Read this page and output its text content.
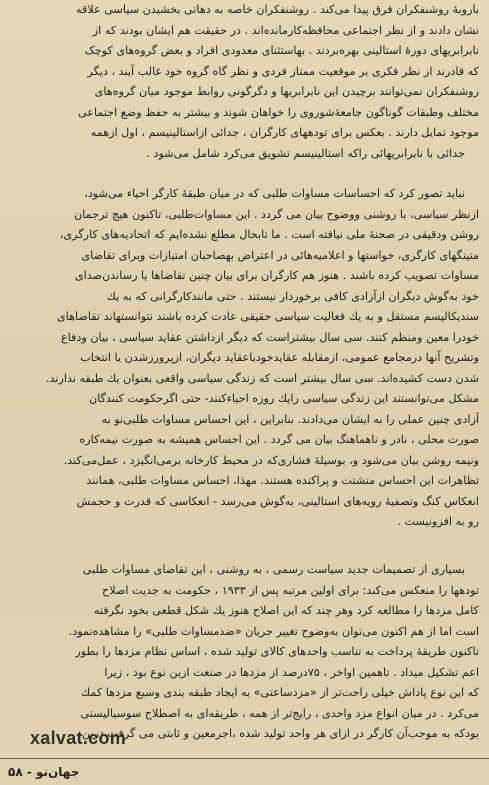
باروبۀ روشنفکران فرق پیدا می‌کند . روشنفکران خاصه به دهاتی بخشیدن سیاسی علاقه
نشان دادند و از نظر اجتماعی محافظه‌کارمانده‌اند . در حقیقت هم ایشان بودند که از
نابرابریهای دورۀ استالینی بهره‌بردند . بهاستثنای معدودی افراد و بعض گروه‌های کوچک
که قادرند از نظر فکری بر موقعیت ممتاز فردی و نظر گاه گروه خود غالب آیند ، دیگر
روشنفکران نمی‌توانند برچیدن این نابرابریها و دگرگونی روابط موجود میان گروه‌های
مختلف وطبقات گوناگون جامعۀشوروی را خواهان شوند و بیشتر به حفظ وضع اجتماعی
موجود تمایل دارند . بعکس برای تودههای کارگران ، جدائی ازاستالینیسم ، اول ازهمه
جدائی با نابرابریهائی راکه استالینیسم تشویق می‌کرد شامل می‌شود .
نباید تصور کرد که احساسات مساوات طلبی که در میان طبقۀ کارگر احیاء می‌شود،
ازنظر سیاسی، با روشنی ووضوح بیان می گردد . این مساوات‌طلبی، تاکنون هیچ ترجمان
روشن ودقیقی در صحنۀ ملی نیافته است . ما تابحال مطلع نشده‌ایم که اتحادیه‌های کارگری،
متینگهای کارگری، خواستها و اعلامیه‌هائی در اعتراض بهصاحبان امتیازات وبرای تقاضای
مساوات تصویب کرده باشند . هنوز هم کارگران برای بیان چنین تقاضاها یا رساندن‌صدای
خود به‌گوش دیگران ازآزادی کافی برخوردار نیستند . حتی مانندکارگرانی که به یك
سندیکالیسم مستقل و به یك فعالیت سیاسی حقیقی عادت کرده باشند نتوانستهاند تقاضاهای
خودرا معین ومنظم کنند. سی سال بیشتراست که دیگر ازداشتن عقاید سیاسی ، بیان ودفاع
وتشریح آنها درمجامع عمومی، ازمقابله عقایدخودباعقاید دیگران، ازپرورزشدن یا انتخاب
شدن دست کشیده‌اند. سی سال بیشتر است که زندگی سیاسی واقعی بعنوان یك طبقه ندارند.
مشکل می‌توانستند این زندگی سیاسی رایك روزه احیاءکنند- حتی اگرحکومت کنندگان
آزادی چنین عملی را به ایشان می‌دادند. بنابراین ، این احساس مساوات طلبی‌نو به
صورت محلی ، نادر و ناهماهنگ بیان می گردد . این احساس همیشه به صورت نیمه‌کاره
ونیمه روشن بیان می‌شود و، بوسیلۀ فشاری‌که در محیط کارخانه برمی‌انگیزد ، عمل‌می‌کند.
تظاهرات این احساس متشتت و پراکنده هستند. مهذا، احساس مساوات طلبی، همانند
انعکاس کنگ وتصفیۀ رویه‌های استالینی، به‌گوش می‌رسد - انعکاسی که قدرت و حجمش
رو به افزونیست .
بسیاری از تصمیمات جدید سیاست رسمی ، به روشنی ، این تقاضای مساوات طلبی
تودهها را منعکس می‌کند: برای اولین مرتبه پس از ۱۹۳۳ ، حکومت به جدیت اصلاح
کامل مزدها را مطالعه کرد وهر چند که این اصلاح هنوز یك شکل قطعی بخود نگرفته
است اما از هم اکنون می‌توان به‌وضوح تغییر جریان «ضدمساوات طلبی» را مشاهده‌نمود.
تاکنون طریقۀ پرداخت به تناسب واحدهای کالای تولید شده ، اساس نظام مزدها را بطور
اعم تشکیل میداد . تاهمین اواخر ، ۷۵درصد از مزدها در صنعت ازین نوع بود ، زیرا
که این نوع پاداش خیلی راحت‌تر از «مزدساعتی» به ایجاد طبقه بندی وسیع مزدها کمك
می‌کرد . در میان انواع مزد واحدی ، رایج‌تر از همه ، طریقه‌ای به اصطلاح سوسیالیستی
بودکه به موجب‌آن کارگر در ازای هر واحد تولید شده ،اجرمعین و ثابتی می گرفت.درین
xalvat.com
جهان‌نو - ۵۸
